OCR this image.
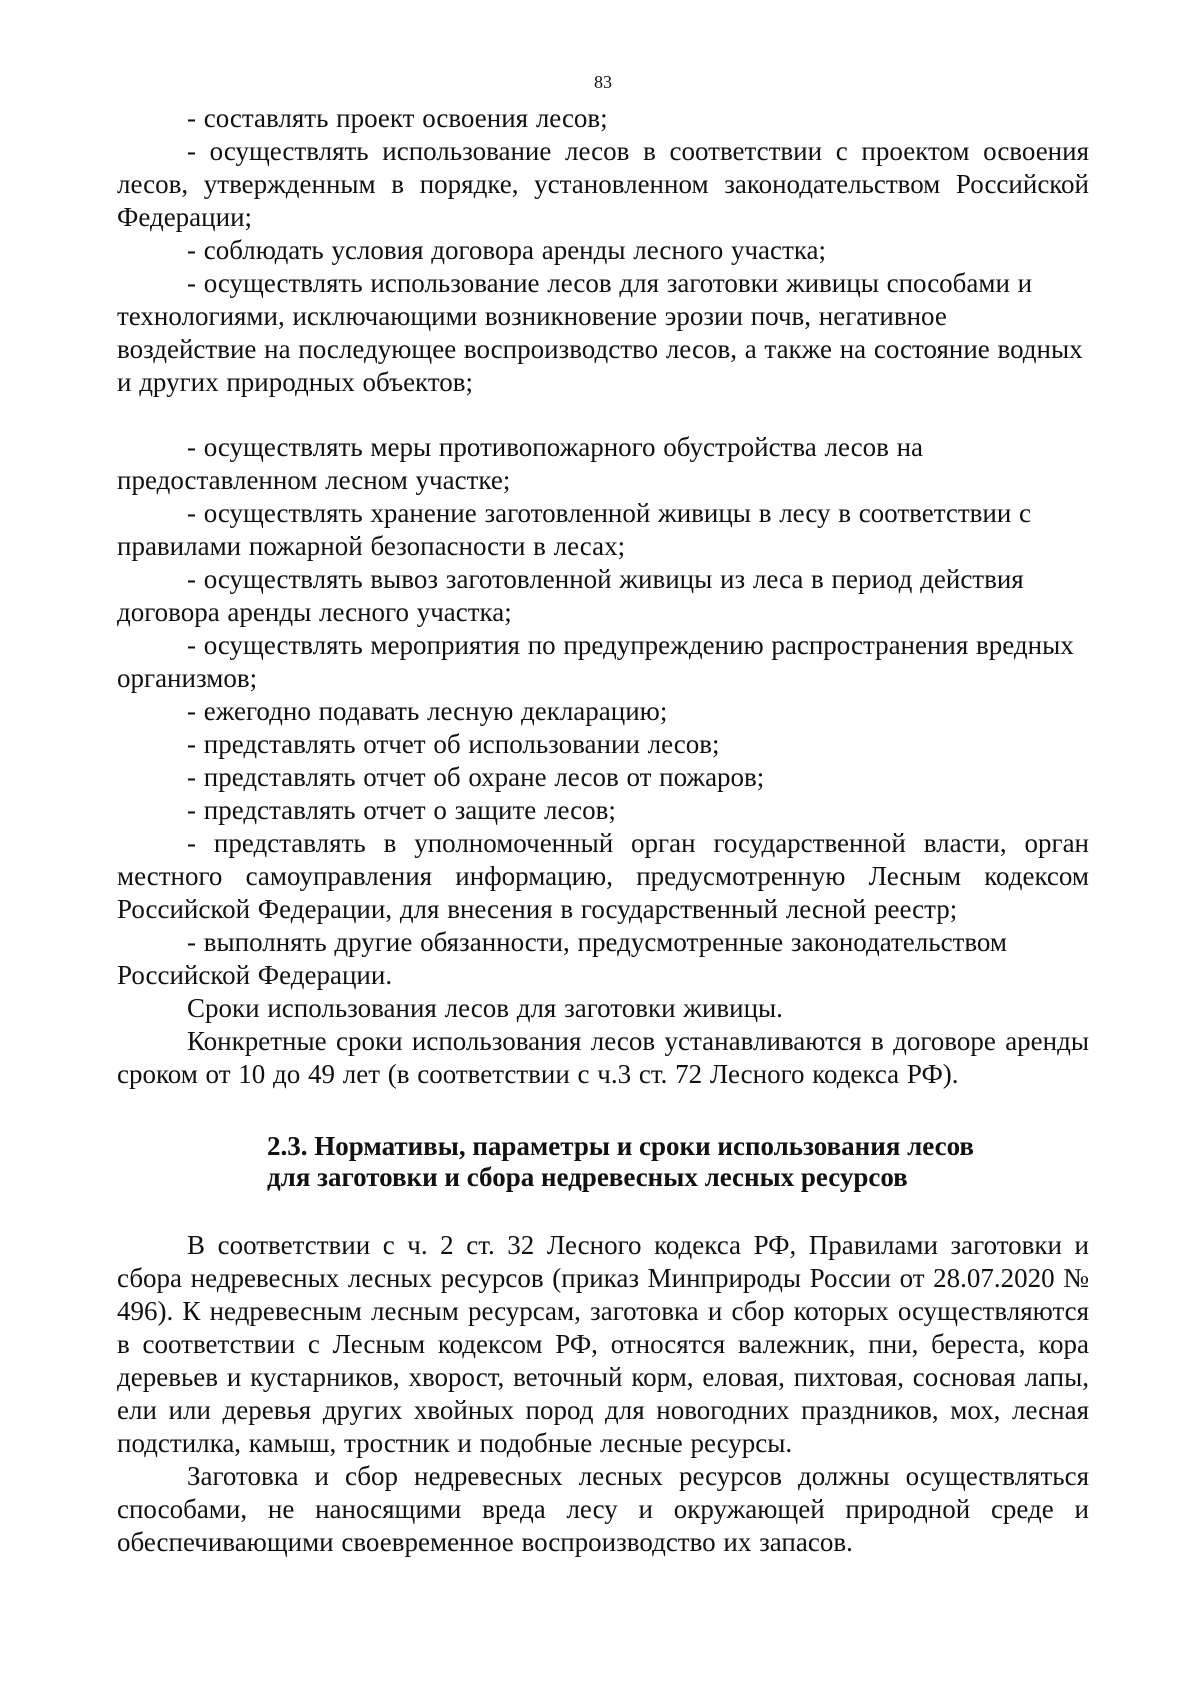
83

- составлять проект освоения лесов;

- осуществлять использование лесов в соответствии с проектом освоения лесов, утвержденным в порядке, установленном законодательством Российской Федерации;

- соблюдать условия договора аренды лесного участка;

- осуществлять использование лесов для заготовки живицы способами и технологиями, исключающими возникновение эрозии почв, негативное воздействие на последующее воспроизводство лесов, а также на состояние водных и других природных объектов;

- осуществлять меры противопожарного обустройства лесов на предоставленном лесном участке;

- осуществлять хранение заготовленной живицы в лесу в соответствии с правилами пожарной безопасности в лесах;

- осуществлять вывоз заготовленной живицы из леса в период действия договора аренды лесного участка;

- осуществлять мероприятия по предупреждению распространения вредных организмов;

- ежегодно подавать лесную декларацию;

- представлять отчет об использовании лесов;

- представлять отчет об охране лесов от пожаров;

- представлять отчет о защите лесов;

- представлять в уполномоченный орган государственной власти, орган местного самоуправления информацию, предусмотренную Лесным кодексом Российской Федерации, для внесения в государственный лесной реестр;

- выполнять другие обязанности, предусмотренные законодательством Российской Федерации.

Сроки использования лесов для заготовки живицы.

Конкретные сроки использования лесов устанавливаются в договоре аренды сроком от 10 до 49 лет (в соответствии с ч.3 ст. 72 Лесного кодекса РФ).

2.3. Нормативы, параметры и сроки использования лесов
для заготовки и сбора недревесных лесных ресурсов

В соответствии с ч. 2 ст. 32 Лесного кодекса РФ, Правилами заготовки и сбора недревесных лесных ресурсов (приказ Минприроды России от 28.07.2020 № 496). К недревесным лесным ресурсам, заготовка и сбор которых осуществляются в соответствии с Лесным кодексом РФ, относятся валежник, пни, береста, кора деревьев и кустарников, хворост, веточный корм, еловая, пихтовая, сосновая лапы, ели или деревья других хвойных пород для новогодних праздников, мох, лесная подстилка, камыш, тростник и подобные лесные ресурсы.

Заготовка и сбор недревесных лесных ресурсов должны осуществляться способами, не наносящими вреда лесу и окружающей природной среде и обеспечивающими своевременное воспроизводство их запасов.
